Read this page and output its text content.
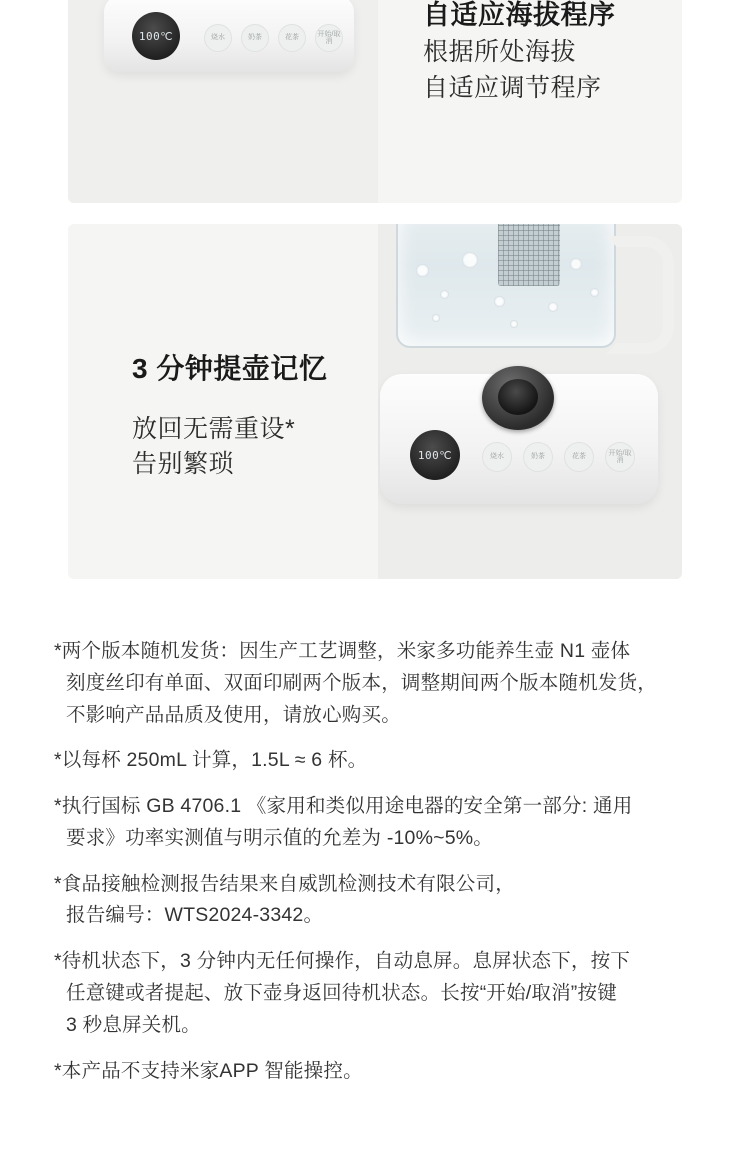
100 ℃	烧水	奶茶	花茶
开始/取消
自适应海拔程序
根据所处海拔
自适应调节程序
100 ℃	烧水	奶茶	花茶
开始/取消
3 分钟提壶记忆
放回无需重设*
告别繁琐
*两个版本随机发货：因生产工艺调整，米家多功能养生壶 N1 壶体
刻度丝印有单面、双面印刷两个版本，调整期间两个版本随机发货，
不影响产品品质及使用，请放心购买。
*以每杯 250mL 计算，1.5L ≈ 6 杯。
*执行国标 GB 4706.1 《家用和类似用途电器的安全第一部分: 通用
要求》功率实测值与明示值的允差为 -10%~5%。
*食品接触检测报告结果来自威凯检测技术有限公司，
报告编号：WTS2024-3342。
*待机状态下，3 分钟内无任何操作，自动息屏。息屏状态下，按下
任意键或者提起、放下壶身返回待机状态。长按“开始/取消”按键
3 秒息屏关机。
*本产品不支持米家APP 智能操控。
